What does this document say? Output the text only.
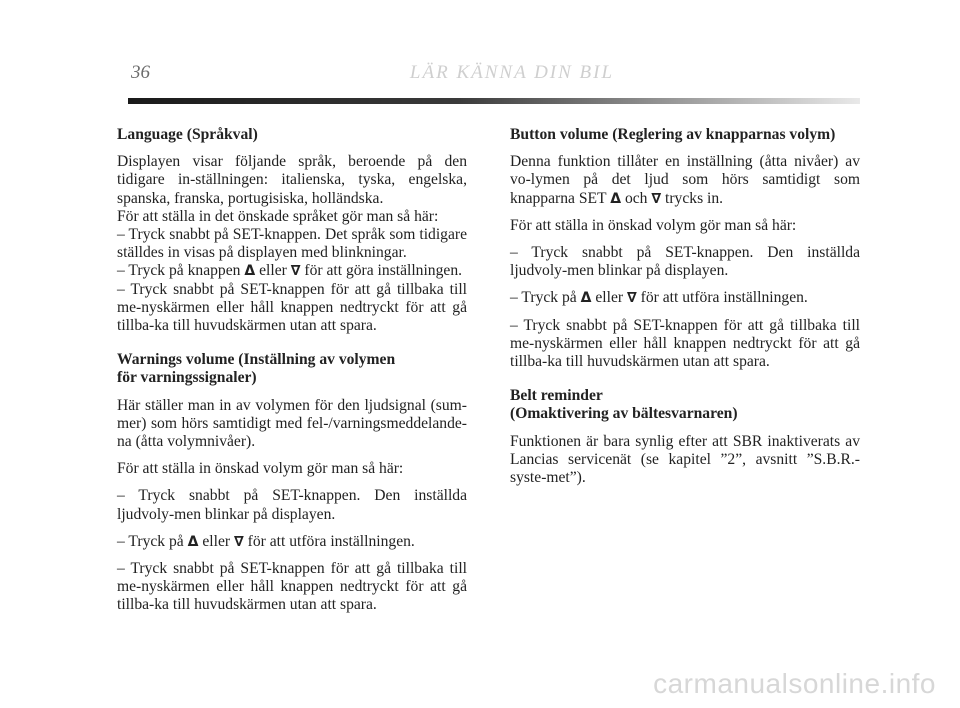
36	LÄR KÄNNA DIN BIL
Language (Språkval)

Displayen visar följande språk, beroende på den tidigare in-ställningen: italienska, tyska, engelska, spanska, franska, portugisiska, holländska.
För att ställa in det önskade språket gör man så här:
– Tryck snabbt på SET-knappen. Det språk som tidigare ställdes in visas på displayen med blinkningar.
– Tryck på knappen Δ eller ∇ för att göra inställningen.
– Tryck snabbt på SET-knappen för att gå tillbaka till me-nyskärmen eller håll knappen nedtryckt för att gå tillba-ka till huvudskärmen utan att spara.

Warnings volume (Inställning av volymen
för varningssignaler)

Här ställer man in av volymen för den ljudsignal (sum-mer) som hörs samtidigt med fel-/varningsmeddelande-na (åtta volymnivåer).

För att ställa in önskad volym gör man så här:

– Tryck snabbt på SET-knappen. Den inställda ljudvoly-men blinkar på displayen.

– Tryck på Δ eller ∇ för att utföra inställningen.

– Tryck snabbt på SET-knappen för att gå tillbaka till me-nyskärmen eller håll knappen nedtryckt för att gå tillba-ka till huvudskärmen utan att spara.

Button volume (Reglering av knapparnas volym)

Denna funktion tillåter en inställning (åtta nivåer) av vo-lymen på det ljud som hörs samtidigt som knapparna SET Δ och ∇ trycks in.

För att ställa in önskad volym gör man så här:

– Tryck snabbt på SET-knappen. Den inställda ljudvoly-men blinkar på displayen.

– Tryck på Δ eller ∇ för att utföra inställningen.

– Tryck snabbt på SET-knappen för att gå tillbaka till me-nyskärmen eller håll knappen nedtryckt för att gå tillba-ka till huvudskärmen utan att spara.

Belt reminder
(Omaktivering av bältesvarnaren)

Funktionen är bara synlig efter att SBR inaktiverats av Lancias servicenät (se kapitel ”2”, avsnitt ”S.B.R.-syste-met”).

carmanualsonline.info
